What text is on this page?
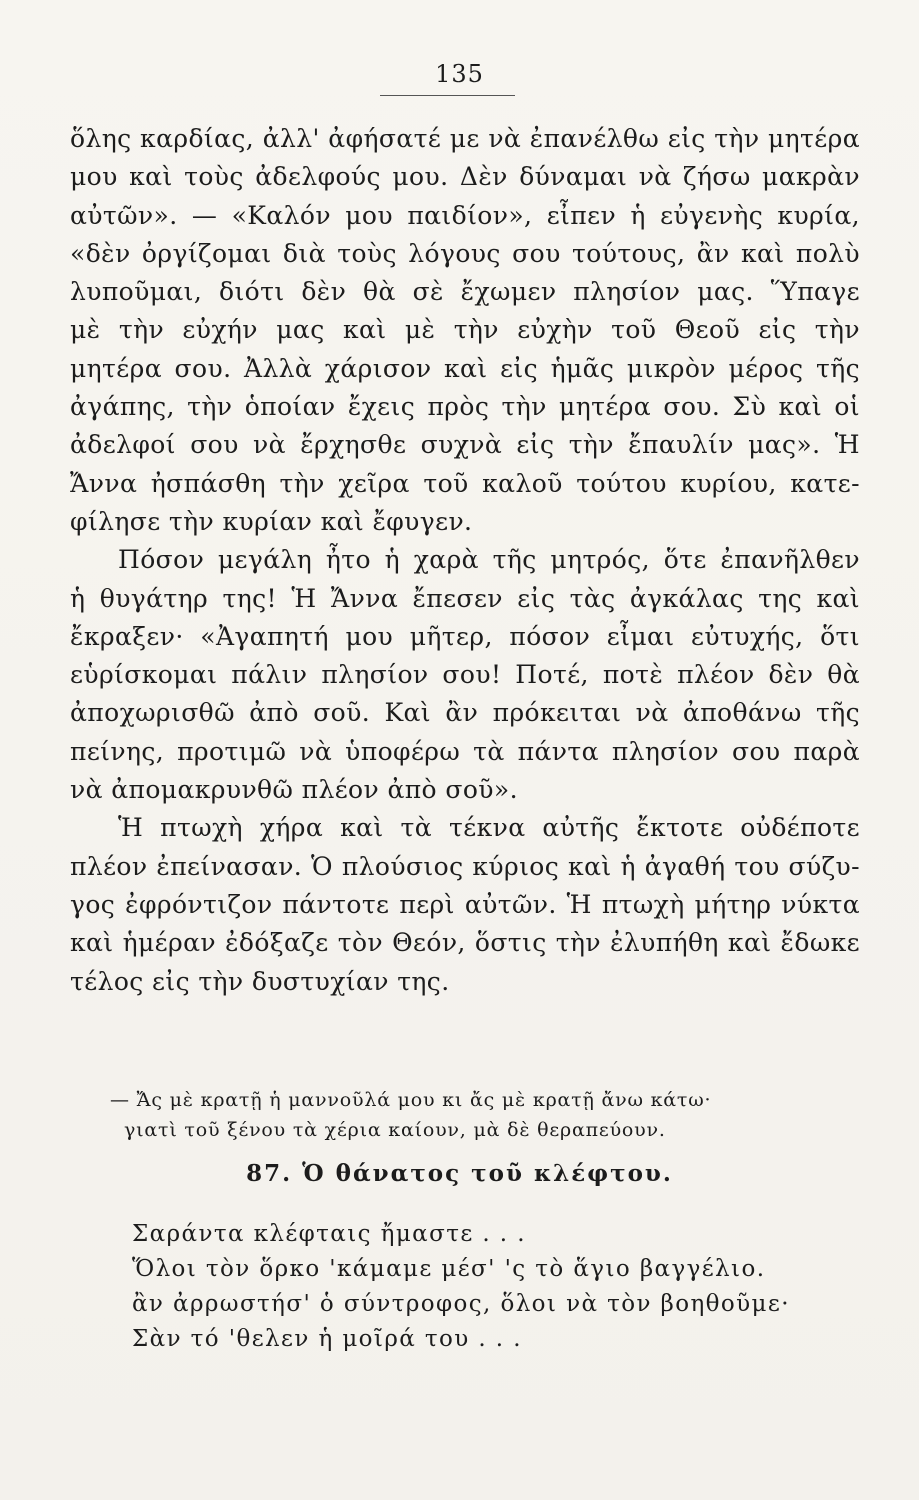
135
ὅλης καρδίας, ἀλλ' ἀφήσατέ με νὰ ἐπανέλθω εἰς τὴν μητέρα
μου καὶ τοὺς ἀδελφούς μου. Δὲν δύναμαι νὰ ζήσω μακρὰν
αὐτῶν». — «Καλόν μου παιδίον», εἶπεν ἡ εὐγενὴς κυρία,
«δὲν ὀργίζομαι διὰ τοὺς λόγους σου τούτους, ἂν καὶ πολὺ
λυποῦμαι, διότι δὲν θὰ σὲ ἔχωμεν πλησίον μας. Ὕπαγε
μὲ τὴν εὐχήν μας καὶ μὲ τὴν εὐχὴν τοῦ Θεοῦ εἰς τὴν
μητέρα σου. Ἀλλὰ χάρισον καὶ εἰς ἡμᾶς μικρὸν μέρος τῆς
ἀγάπης, τὴν ὁποίαν ἔχεις πρὸς τὴν μητέρα σου. Σὺ καὶ οἱ
ἀδελφοί σου νὰ ἔρχησθε συχνὰ εἰς τὴν ἔπαυλίν μας». Ἡ
Ἄννα ἠσπάσθη τὴν χεῖρα τοῦ καλοῦ τούτου κυρίου, κατε-
φίλησε τὴν κυρίαν καὶ ἔφυγεν.
Πόσον μεγάλη ἦτο ἡ χαρὰ τῆς μητρός, ὅτε ἐπανῆλθεν
ἡ θυγάτηρ της! Ἡ Ἄννα ἔπεσεν εἰς τὰς ἀγκάλας της καὶ
ἔκραξεν· «Ἀγαπητή μου μῆτερ, πόσον εἶμαι εὐτυχής, ὅτι
εὑρίσκομαι πάλιν πλησίον σου! Ποτέ, ποτὲ πλέον δὲν θὰ
ἀποχωρισθῶ ἀπὸ σοῦ. Καὶ ἂν πρόκειται νὰ ἀποθάνω τῆς
πείνης, προτιμῶ νὰ ὑποφέρω τὰ πάντα πλησίον σου παρὰ
νὰ ἀπομακρυνθῶ πλέον ἀπὸ σοῦ».
Ἡ πτωχὴ χήρα καὶ τὰ τέκνα αὐτῆς ἔκτοτε οὐδέποτε
πλέον ἐπείνασαν. Ὁ πλούσιος κύριος καὶ ἡ ἀγαθή του σύζυ-
γος ἐφρόντιζον πάντοτε περὶ αὐτῶν. Ἡ πτωχὴ μήτηρ νύκτα
καὶ ἡμέραν ἐδόξαζε τὸν Θεόν, ὅστις τὴν ἐλυπήθη καὶ ἔδωκε
τέλος εἰς τὴν δυστυχίαν της.
— Ἄς μὲ κρατῇ ἡ μαννοῦλά μου κι ἄς μὲ κρατῇ ἄνω κάτω·
γιατὶ τοῦ ξένου τὰ χέρια καίουν, μὰ δὲ θεραπεύουν.
87. Ὁ θάνατος τοῦ κλέφτου.
Σαράντα κλέφταις ἤμαστε . . .
Ὅλοι τὸν ὅρκο 'κάμαμε μέσ' 'ς τὸ ἅγιο βαγγέλιο.
ἂν ἀρρωστήσ' ὁ σύντροφος, ὅλοι νὰ τὸν βοηθοῦμε·
Σὰν τό 'θελεν ἡ μοῖρά του . . .
